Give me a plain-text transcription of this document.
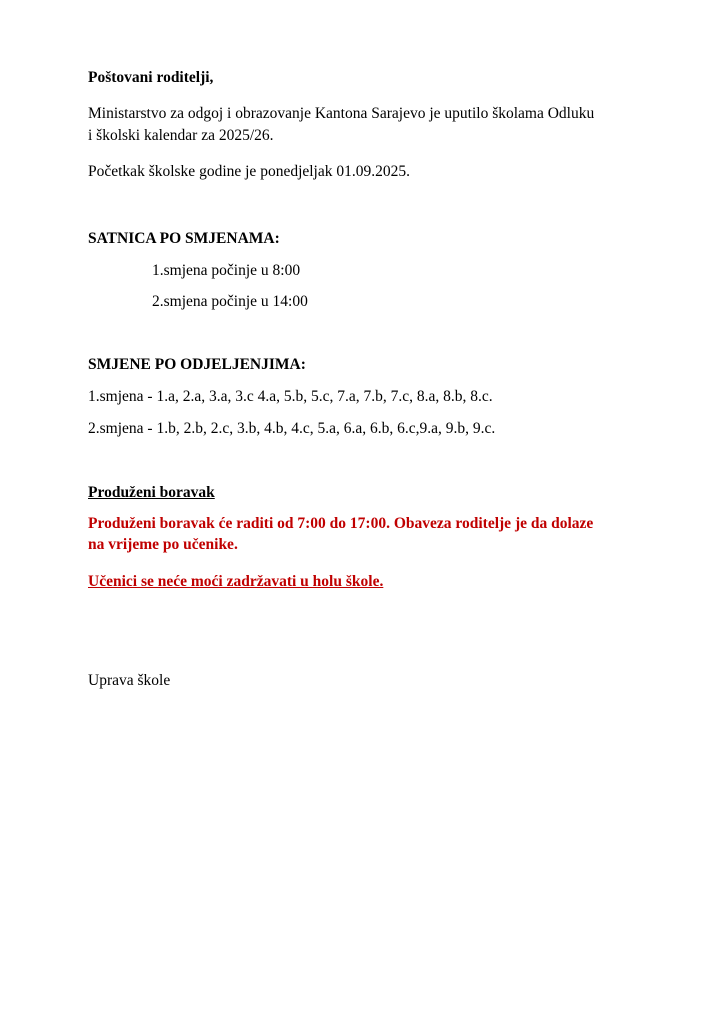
Poštovani roditelji,
Ministarstvo za odgoj i obrazovanje Kantona Sarajevo je uputilo školama Odluku
i školski kalendar za 2025/26.
Početkak školske godine je ponedjeljak 01.09.2025.
SATNICA PO SMJENAMA:
1.smjena počinje u 8:00
2.smjena počinje u 14:00
SMJENE PO ODJELJENJIMA:
1.smjena - 1.a, 2.a, 3.a, 3.c 4.a, 5.b, 5.c, 7.a, 7.b, 7.c, 8.a, 8.b, 8.c.
2.smjena - 1.b, 2.b, 2.c, 3.b, 4.b, 4.c, 5.a, 6.a, 6.b, 6.c,9.a, 9.b, 9.c.
Produženi boravak
Produženi boravak će raditi od 7:00 do 17:00. Obaveza roditelje je da dolaze
na vrijeme po učenike.
Učenici se neće moći zadržavati u holu škole.
Uprava škole
